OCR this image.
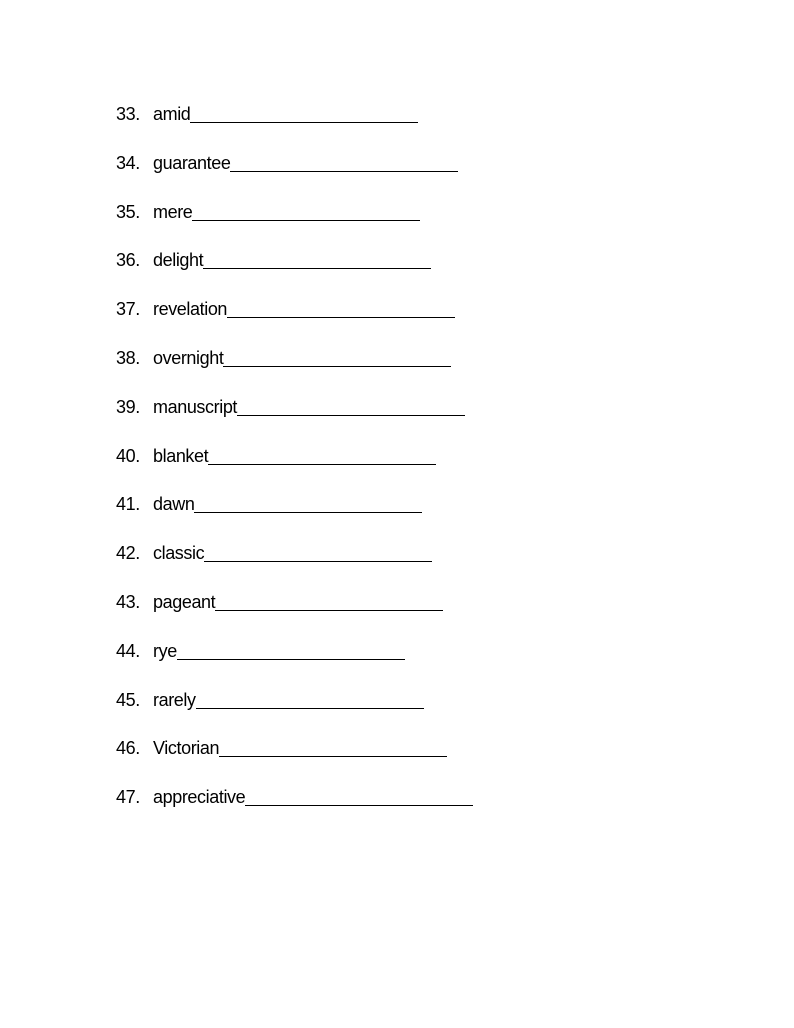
33. amid
34. guarantee
35. mere
36. delight
37. revelation
38. overnight
39. manuscript
40. blanket
41. dawn
42. classic
43. pageant
44. rye
45. rarely
46. Victorian
47. appreciative
